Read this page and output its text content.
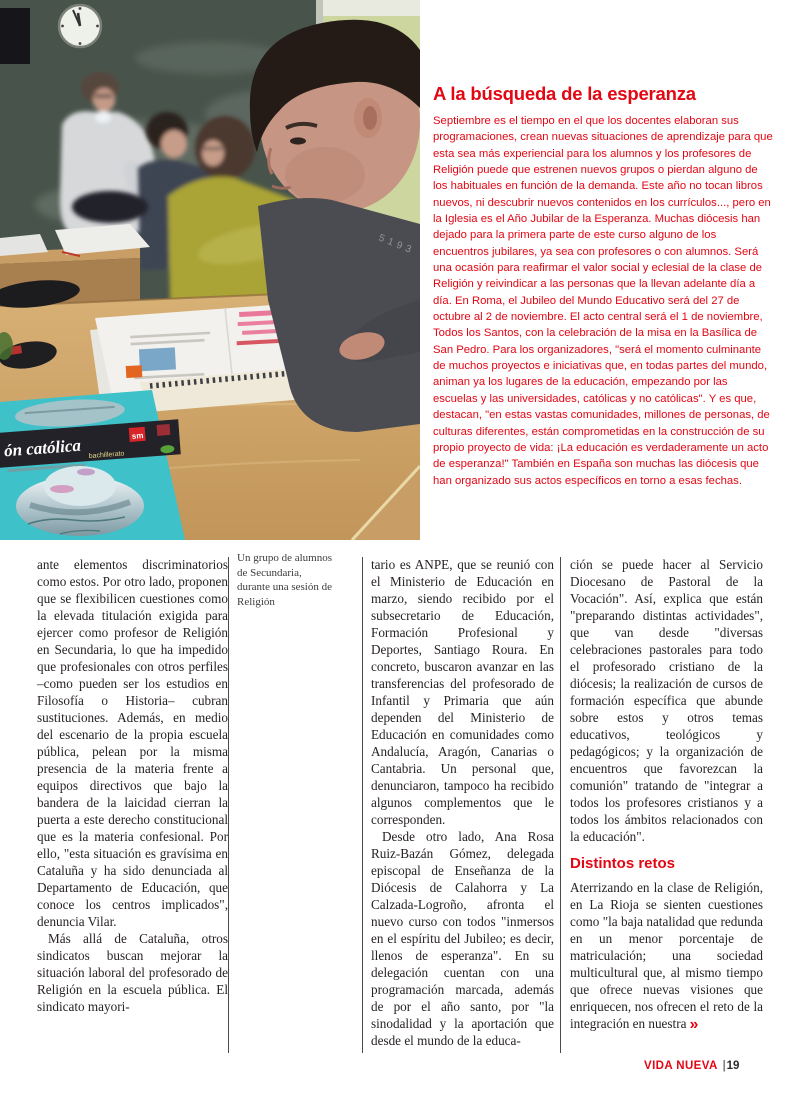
5193
ón católica bachillerato
sm
Un grupo de alumnos de Secundaria, durante una sesión de Religión
A la búsqueda de la esperanza

Septiembre es el tiempo en el que los docentes elaboran sus programaciones, crean nuevas situaciones de aprendizaje para que esta sea más experiencial para los alumnos y los profesores de Religión puede que estrenen nuevos grupos o pierdan alguno de los habituales en función de la demanda. Este año no tocan libros nuevos, ni descubrir nuevos contenidos en los currículos..., pero en la Iglesia es el Año Jubilar de la Esperanza. Muchas diócesis han dejado para la primera parte de este curso alguno de los encuentros jubilares, ya sea con profesores o con alumnos. Será una ocasión para reafirmar el valor social y eclesial de la clase de Religión y reivindicar a las personas que la llevan adelante día a día. En Roma, el Jubileo del Mundo Educativo será del 27 de octubre al 2 de noviembre. El acto central será el 1 de noviembre, Todos los Santos, con la celebración de la misa en la Basílica de San Pedro. Para los organizadores, "será el momento culminante de muchos proyectos e iniciativas que, en todas partes del mundo, animan ya los lugares de la educación, empezando por las escuelas y las universidades, católicas y no católicas". Y es que, destacan, "en estas vastas comunidades, millones de personas, de culturas diferentes, están comprometidas en la construcción de su propio proyecto de vida: ¡La educación es verdaderamente un acto de esperanza!" También en España son muchas las diócesis que han organizado sus actos específicos en torno a esas fechas.

ante elementos discriminatorios como estos. Por otro lado, proponen que se flexibilicen cuestiones como la elevada titulación exigida para ejercer como profesor de Religión en Secundaria, lo que ha impedido que profesionales con otros perfiles –como pueden ser los estudios en Filosofía o Historia– cubran sustituciones. Además, en medio del escenario de la propia escuela pública, pelean por la misma presencia de la materia frente a equipos directivos que bajo la bandera de la laicidad cierran la puerta a este derecho constitucional que es la materia confesional. Por ello, "esta situación es gravísima en Cataluña y ha sido denunciada al Departamento de Educación, que conoce los centros implicados", denuncia Vilar.

Más allá de Cataluña, otros sindicatos buscan mejorar la situación laboral del profesorado de Religión en la escuela pública. El sindicato mayori-

tario es ANPE, que se reunió con el Ministerio de Educación en marzo, siendo recibido por el subsecretario de Educación, Formación Profesional y Deportes, Santiago Roura. En concreto, buscaron avanzar en las transferencias del profesorado de Infantil y Primaria que aún dependen del Ministerio de Educación en comunidades como Andalucía, Aragón, Canarias o Cantabria. Un personal que, denunciaron, tampoco ha recibido algunos complementos que le corresponden.

Desde otro lado, Ana Rosa Ruiz-Bazán Gómez, delegada episcopal de Enseñanza de la Diócesis de Calahorra y La Calzada-Logroño, afronta el nuevo curso con todos "inmersos en el espíritu del Jubileo; es decir, llenos de esperanza". En su delegación cuentan con una programación marcada, además de por el año santo, por "la sinodalidad y la aportación que desde el mundo de la educa-

ción se puede hacer al Servicio Diocesano de Pastoral de la Vocación". Así, explica que están "preparando distintas actividades", que van desde "diversas celebraciones pastorales para todo el profesorado cristiano de la diócesis; la realización de cursos de formación específica que abunde sobre estos y otros temas educativos, teológicos y pedagógicos; y la organización de encuentros que favorezcan la comunión" tratando de "integrar a todos los profesores cristianos y a todos los ámbitos relacionados con la educación".

Distintos retos

Aterrizando en la clase de Religión, en La Rioja se sienten cuestiones como "la baja natalidad que redunda en un menor porcentaje de matriculación; una sociedad multicultural que, al mismo tiempo que ofrece nuevas visiones que enriquecen, nos ofrecen el reto de la integración en nuestra »

VIDA NUEVA |19
